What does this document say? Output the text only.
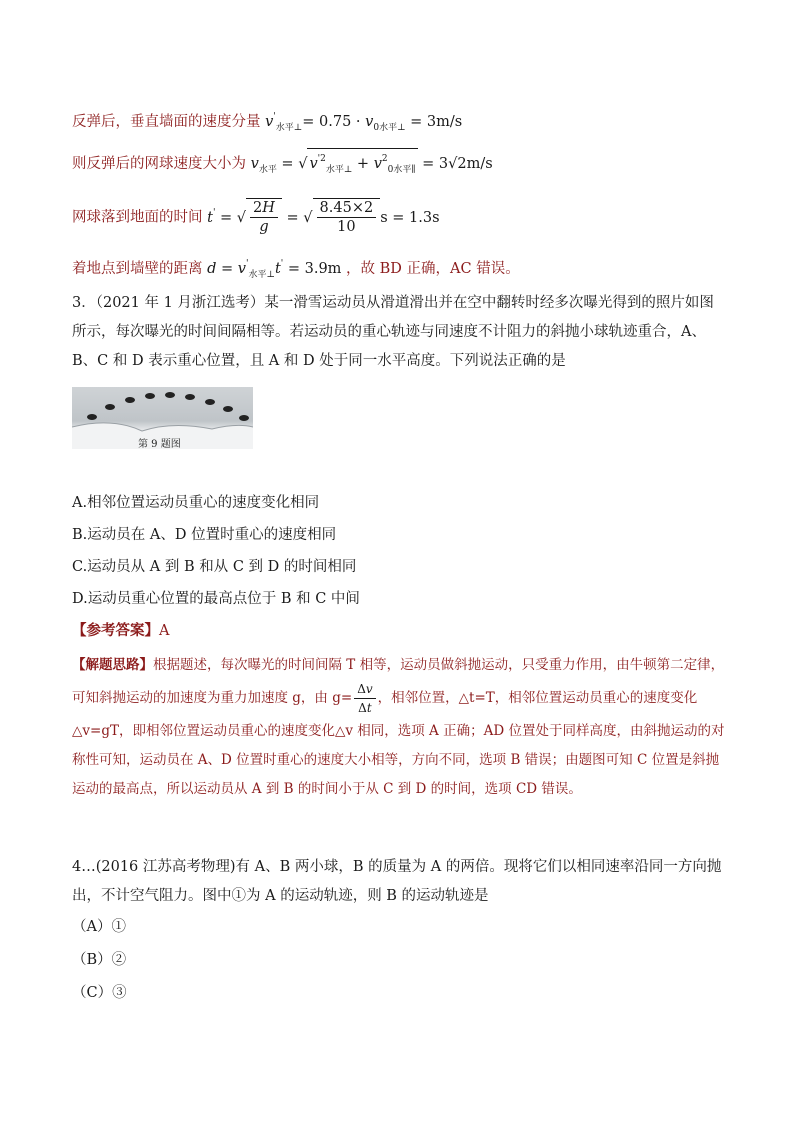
反弹后，垂直墙面的速度分量 $v'_{水平\perp}= 0.75 \cdot v_{0水平\perp} = 3m/s$
则反弹后的网球速度大小为 $v_{水平}$ = √ $v^{'2}_{水平\perp} + v^2_{0水平\parallel} = 3√2m/s$
网球落到地面的时间 t' = √ $\frac{2H}{g}$ = √ $\frac{8.45\times 2}{10}$ s = 1.3s
着地点到墙壁的距离 $d = v'_{水平\perp}t' = 3.9m$ ，故 BD 正确，AC 错误。
3．（2021 年 1 月浙江选考）某一滑雪运动员从滑道滑出并在空中翻转时经多次曝光得到的照片如图所示，每次曝光的时间间隔相等。若运动员的重心轨迹与同速度不计阻力的斜抛小球轨迹重合，A、B、C 和 D 表示重心位置，且 A 和 D 处于同一水平高度。下列说法正确的是
第 9 题图
A.相邻位置运动员重心的速度变化相同
B.运动员在 A、D 位置时重心的速度相同
C.运动员从 A 到 B 和从 C 到 D 的时间相同
D.运动员重心位置的最高点位于 B 和 C 中间
【参考答案】A
【解题思路】根据题述，每次曝光的时间间隔 T 相等，运动员做斜抛运动，只受重力作用，由牛顿第二定律，可知斜抛运动的加速度为重力加速度 g，由 $g= \frac{\Delta v}{\Delta t}$ ，相邻位置，△t=T，相邻位置运动员重心的速度变化△v=gT，即相邻位置运动员重心的速度变化△v 相同，选项 A 正确；AD 位置处于同样高度，由斜抛运动的对称性可知，运动员在 A、D 位置时重心的速度大小相等，方向不同，选项 B 错误；由题图可知 C 位置是斜抛运动的最高点，所以运动员从 A 到 B 的时间小于从 C 到 D 的时间，选项 CD 错误。
4…(2016 江苏高考物理)有 A、B 两小球，B 的质量为 A 的两倍。现将它们以相同速率沿同一方向抛出，不计空气阻力。图中①为 A 的运动轨迹，则 B 的运动轨迹是
（A）①
（B）②
（C）③
